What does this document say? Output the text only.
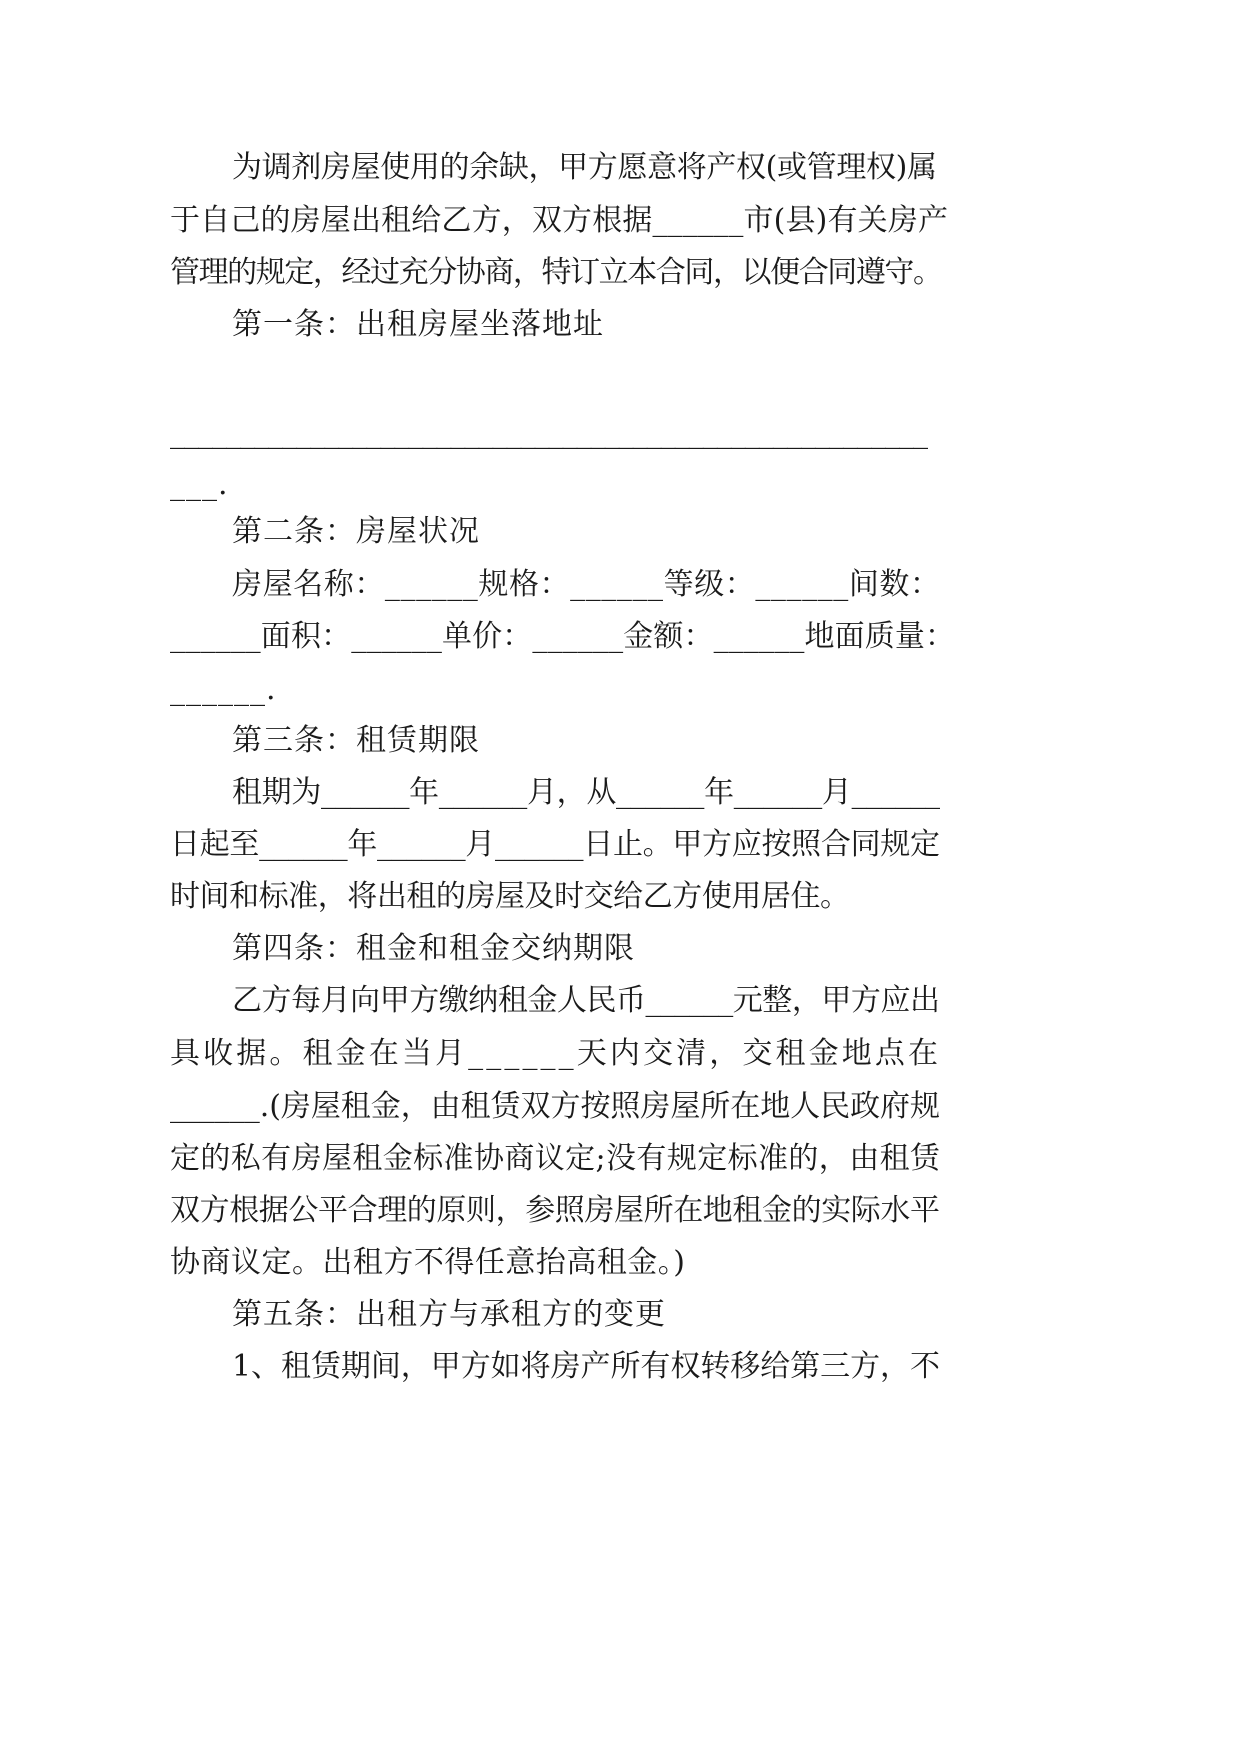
为调剂房屋使用的余缺，甲方愿意将产权(或管理权)属
于自己的房屋出租给乙方，双方根据______市(县)有关房产
管理的规定，经过充分协商，特订立本合同，以便合同遵守。
第一条：出租房屋坐落地址
______________________________________________________
___.
第二条：房屋状况
房屋名称：______规格：______等级：______间数：
______面积：______单价：______金额：______地面质量：
______.
第三条：租赁期限
租期为______年______月，从______年______月______
日起至______年______月______日止。甲方应按照合同规定
时间和标准，将出租的房屋及时交给乙方使用居住。
第四条：租金和租金交纳期限
乙方每月向甲方缴纳租金人民币______元整，甲方应出
具收据。租金在当月______天内交清，交租金地点在
______.(房屋租金，由租赁双方按照房屋所在地人民政府规
定的私有房屋租金标准协商议定;没有规定标准的，由租赁
双方根据公平合理的原则，参照房屋所在地租金的实际水平
协商议定。出租方不得任意抬高租金。)
第五条：出租方与承租方的变更
1、租赁期间，甲方如将房产所有权转移给第三方，不
